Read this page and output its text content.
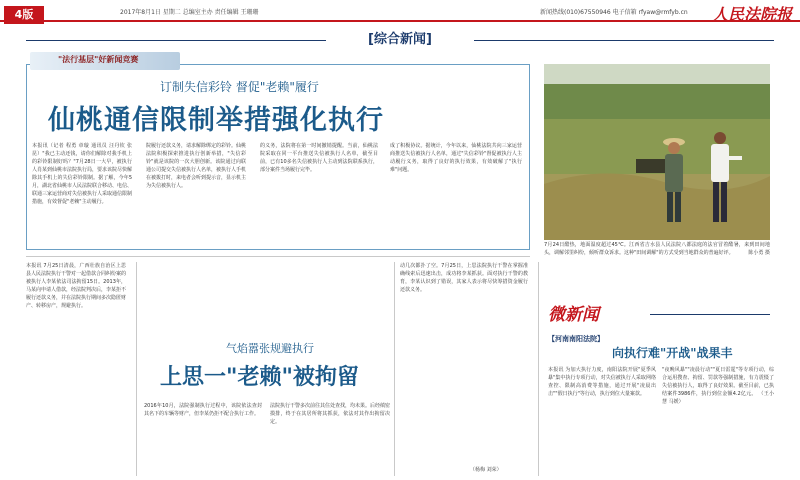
4版	2017年8月1日 星期二 总编室主办 责任编辑 王珊珊	新闻热线(010)67550946 电子信箱 rfyaw@rmfyb.cn 人民法院报
[综合新闻]
"法行基层"好新闻竞赛
订制失信彩铃 督促"老赖"履行
仙桃通信限制举措强化执行
本报讯（记者 程勇 章璇 通讯员 汪丹钦 张昆）"我已主动还钱，请你们解除对我手机上的彩铃限制好吗？"7月28日一大早，被执行人肖某到仙桃市法院执行局，要求该院尽快解除其手机上的失信彩铃限制。据了解，今年5月，湖北省仙桃市人民法院联合移动、电信、联通三家运营商对失信被执行人采取通信限制措施，有效督促"老赖"主动履行。
院履行还款义务，请求解除绑定的彩铃。仙桃法院积极探索推进执行创新举措，"失信彩铃"就是该院的一次大胆创新。该院通过向联通公司提交失信被执行人名单，被执行人手机在被拨打时，来电者会听到提示音，显示机主为失信被执行人。
的义务，法院将在第一时间撤销提醒。当前，仙桃法院采取在同一平台推送失信被执行人名单，截至目前，已有10多名失信被执行人主动到法院联系执行，部分案件当场履行完毕。
成了积极协议。据统计，今年以来，仙桃法院共向三家运营商推送失信被执行人名单，通过"失信彩铃"督促被执行人主动履行义务，取得了良好的执行效果，有效破解了"执行难"问题。
7月24日酷热，地面温度超过45℃。江西省吉水县人民法院八都法庭的法官冒着酷暑，来到田间地头，调解邻里纠纷，倾听群众诉求。这种"田间调解"的方式受到当地群众的普遍好评。	陈小勇 摄
微新闻
【河南南阳法院】
向执行难"开战"战果丰
本报讯 为加大执行力度，南阳法院开展"夏季风暴"集中执行专项行动，对失信被执行人采取网络查控、限制高消费等措施，通过开展"凌晨出击""假日执行"等行动，执行到位大量案款。
"夜晚风暴""凌晨行动""夏日雷霆"等专项行动，综合运用搜查、拘留、罚款等强制措施，有力震慑了失信被执行人，取得了良好效果。截至目前，已执结案件3986件，执行到位金额4.2亿元。 （王小慧 马媛）
本报讯 7月25日清晨，广西壮族自治区上思县人民法院执行干警对一起借款合同纠纷案的被执行人李某依法司法拘留15日。2013年，马某向申请人借款，经法院判决后，李某拒不履行还款义务，并在法院执行期间多次隐匿财产、转移房产，规避执行。
气焰嚣张规避执行
上思一"老赖"被拘留
2016年10月，法院强制执行过程中，该院依法查封其名下的车辆等财产，但李某仍拒不配合执行工作。
法院执行干警多次前往其住处查找，均未果。后经缜密摸排，终于在其居所将其抓获，依法对其作出拘留决定。
动几次都扑了空。7月25日，上思法院执行干警在掌握准确线索后迅速出击，成功将李某抓获。面对执行干警的教育，李某认识到了错误，其家人表示将尽快筹措资金履行还款义务。
（杨梅 刘荣）
